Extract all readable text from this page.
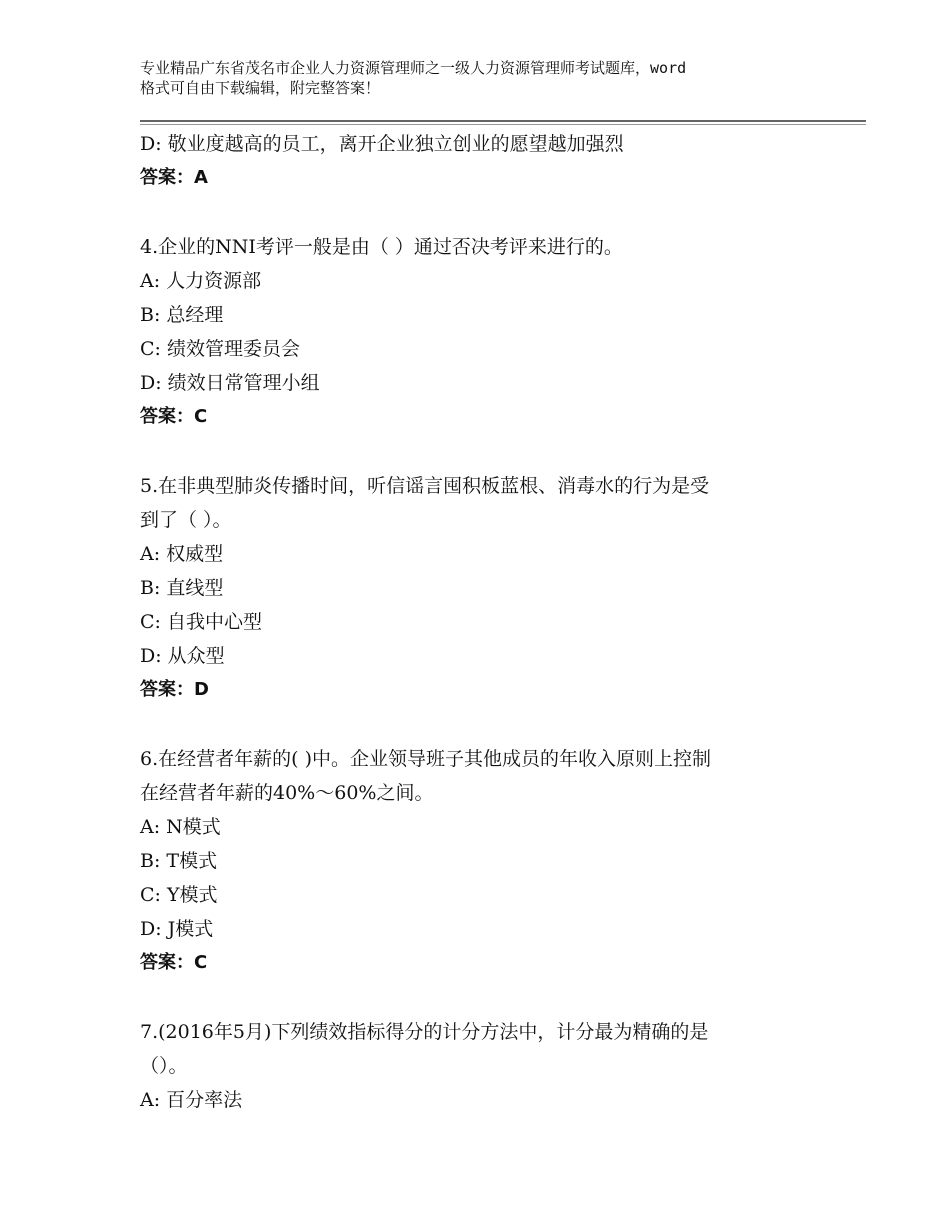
专业精品广东省茂名市企业人力资源管理师之一级人力资源管理师考试题库，word
格式可自由下载编辑，附完整答案！
D: 敬业度越高的员工，离开企业独立创业的愿望越加强烈
答案：A
4.企业的NNI考评一般是由（ ）通过否决考评来进行的。
A: 人力资源部
B: 总经理
C: 绩效管理委员会
D: 绩效日常管理小组
答案：C
5.在非典型肺炎传播时间，听信谣言囤积板蓝根、消毒水的行为是受
到了（ ）。
A: 权威型
B: 直线型
C: 自我中心型
D: 从众型
答案：D
6.在经营者年薪的( )中。企业领导班子其他成员的年收入原则上控制
在经营者年薪的40%～60%之间。
A: N模式
B: T模式
C: Y模式
D: J模式
答案：C
7.(2016年5月)下列绩效指标得分的计分方法中，计分最为精确的是
（）。
A: 百分率法
